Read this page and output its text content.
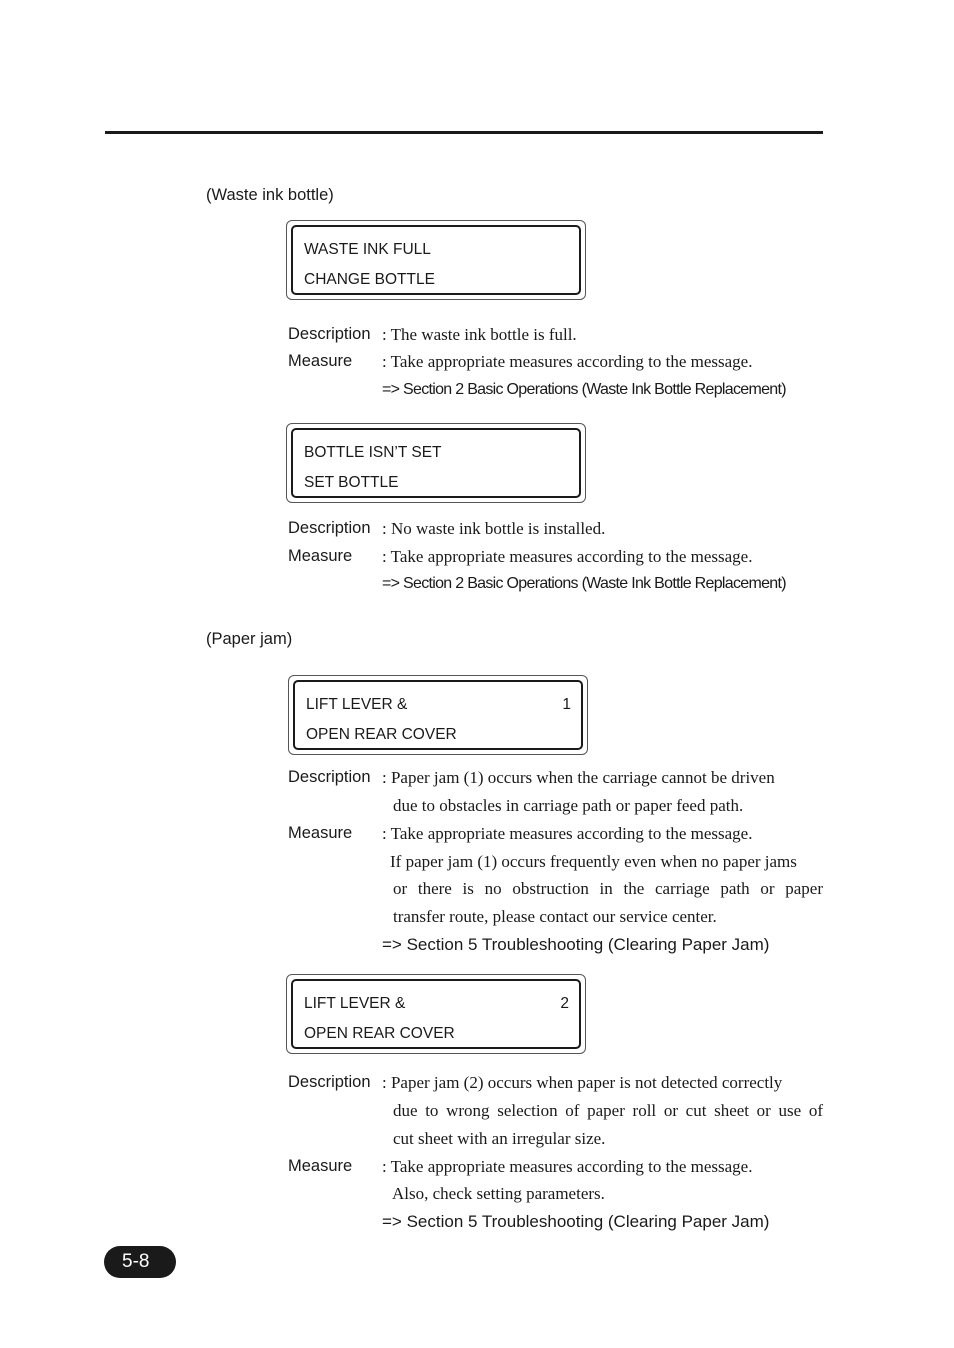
(Waste ink bottle)
WASTE INK FULL
CHANGE BOTTLE
Description : The waste ink bottle is full.
Measure : Take appropriate measures according to the message.
=> Section 2 Basic Operations (Waste Ink Bottle Replacement)
BOTTLE ISN’T SET
SET BOTTLE
Description : No waste ink bottle is installed.
Measure : Take appropriate measures according to the message.
=> Section 2 Basic Operations (Waste Ink Bottle Replacement)
(Paper jam)
LIFT LEVER &	1
OPEN REAR COVER
Description : Paper jam (1) occurs when the carriage cannot be driven
due to obstacles in carriage path or paper feed path.
Measure : Take appropriate measures according to the message.
If paper jam (1) occurs frequently even when no paper jams
or there is no obstruction in the carriage path or paper
transfer route, please contact our service center.
=> Section 5 Troubleshooting (Clearing Paper Jam)
LIFT LEVER &	2
OPEN REAR COVER
Description : Paper jam (2) occurs when paper is not detected correctly
due to wrong selection of paper roll or cut sheet or use of
cut sheet with an irregular size.
Measure : Take appropriate measures according to the message.
Also, check setting parameters.
=> Section 5 Troubleshooting (Clearing Paper Jam)
5-8
